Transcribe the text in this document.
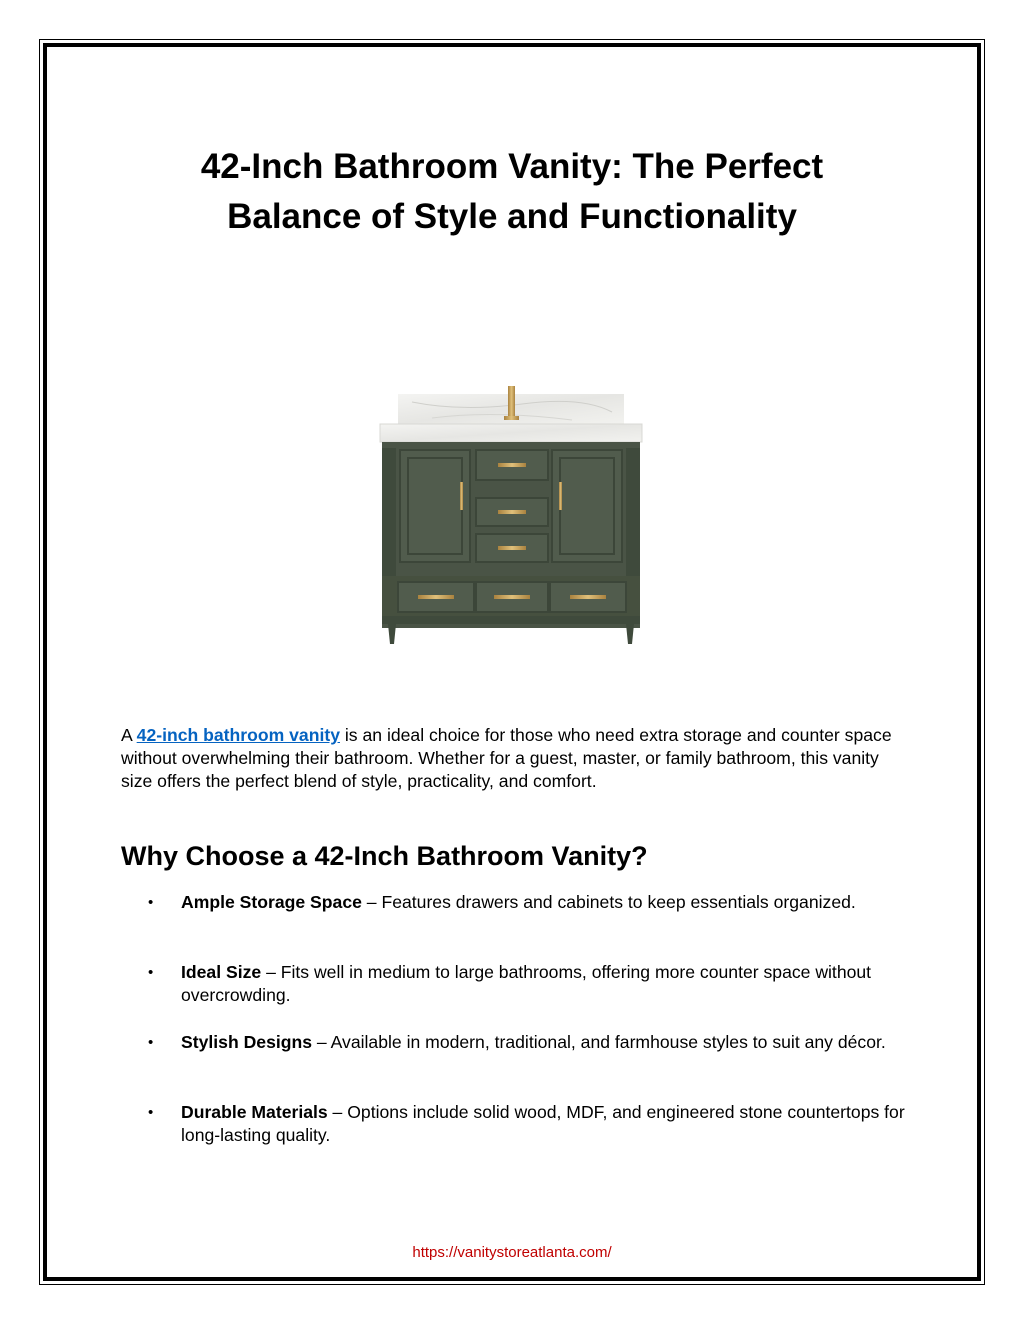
42-Inch Bathroom Vanity: The Perfect
Balance of Style and Functionality

A 42-inch bathroom vanity is an ideal choice for those who need extra storage and counter space without overwhelming their bathroom. Whether for a guest, master, or family bathroom, this vanity size offers the perfect blend of style, practicality, and comfort.

Why Choose a 42-Inch Bathroom Vanity?
• Ample Storage Space – Features drawers and cabinets to keep essentials organized.
• Ideal Size – Fits well in medium to large bathrooms, offering more counter space without overcrowding.
• Stylish Designs – Available in modern, traditional, and farmhouse styles to suit any décor.
• Durable Materials – Options include solid wood, MDF, and engineered stone countertops for long-lasting quality.
https://vanitystoreatlanta.com/
